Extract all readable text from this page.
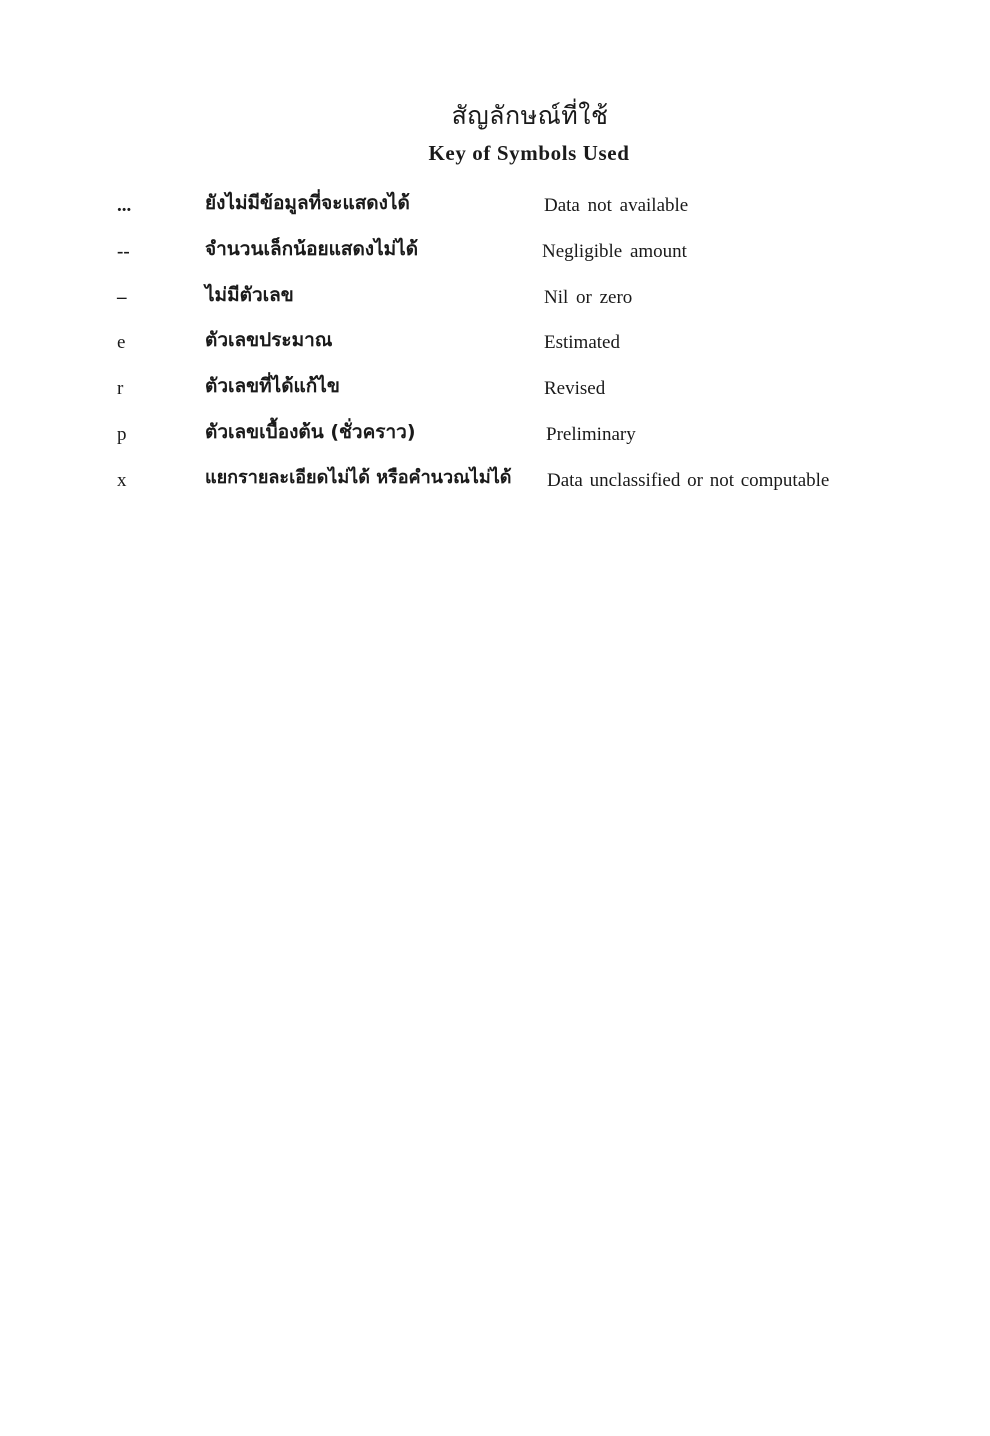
สัญลักษณ์ที่ใช้
Key of Symbols Used
...	ยังไม่มีข้อมูลที่จะแสดงได้	Data not available
--	จำนวนเล็กน้อยแสดงไม่ได้	Negligible amount
–	ไม่มีตัวเลข	Nil or zero
e	ตัวเลขประมาณ	Estimated
r	ตัวเลขที่ได้แก้ไข	Revised
p	ตัวเลขเบื้องต้น (ชั่วคราว)	Preliminary
x	แยกรายละเอียดไม่ได้ หรือคำนวณไม่ได้ Data unclassified or not computable
